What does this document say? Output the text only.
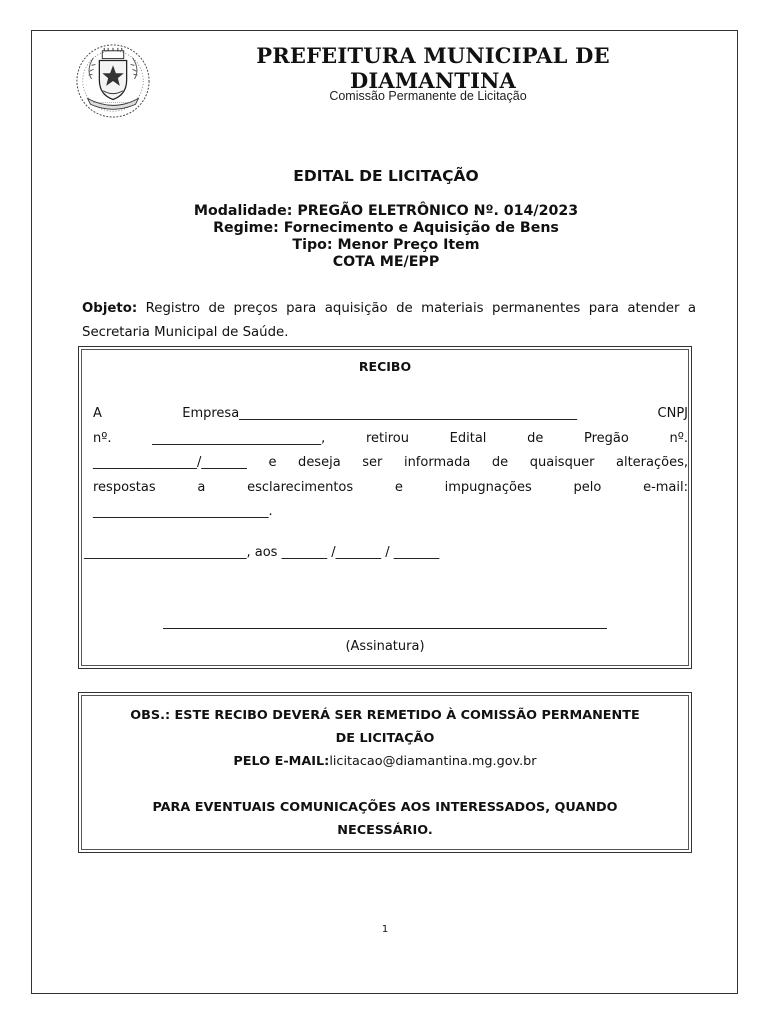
PREFEITURA MUNICIPAL DE DIAMANTINA
Comissão Permanente de Licitação
EDITAL DE LICITAÇÃO
Modalidade: PREGÃO ELETRÔNICO Nº. 014/2023
Regime: Fornecimento e Aquisição de Bens
Tipo: Menor Preço Item
COTA ME/EPP
Objeto: Registro de preços para aquisição de materiais permanentes para atender a Secretaria Municipal de Saúde.
RECIBO
A Empresa____________________________________________________ CNPJ
nº. __________________________, retirou Edital de Pregão nº.
________________/_______ e deseja ser informada de quaisquer alterações,
respostas a esclarecimentos e impugnações pelo e-mail:
___________________________.
_________________________, aos _______ /_______ / _______
(Assinatura)
OBS.: ESTE RECIBO DEVERÁ SER REMETIDO À COMISSÃO PERMANENTE
DE LICITAÇÃO
PELO E-MAIL:licitacao@diamantina.mg.gov.br
PARA EVENTUAIS COMUNICAÇÕES AOS INTERESSADOS, QUANDO
NECESSÁRIO.
1
